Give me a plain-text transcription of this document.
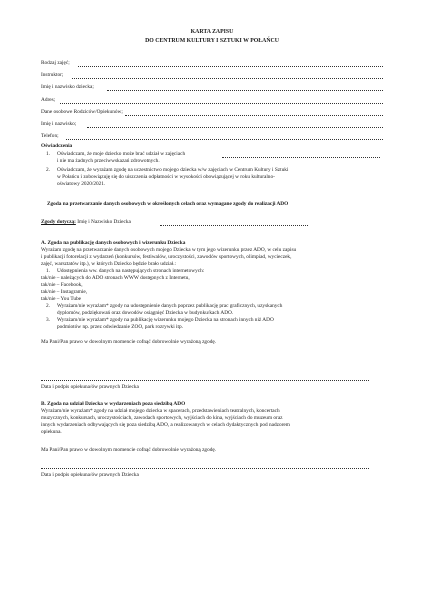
KARTA ZAPISU
DO CENTRUM KULTURY I SZTUKI W POŁAŃCU
Rodzaj zajęć;
Instruktor;
Imię i nazwisko dziecka;
Adres;
Dane osobowe Rodziców/Opiekunów;
Imię i nazwisko;
Telefon;
Oświadczenia
1. Oświadczam, że moje dziecko może brać udział w zajęciach
i nie ma żadnych przeciwwskazań zdrowotnych.
2. Oświadczam, że wyrażam zgodę na uczestnictwo mojego dziecka w/w zajęciach w Centrum Kultury i Sztuki
w Połańcu i zobowiązuję się do uiszczenia odpłatności w wysokości obowiązującej w roku kulturalno-
oświatowy 2020/2021.
Zgoda na przetwarzanie danych osobowych w określonych celach oraz wymagane zgody do realizacji ADO
Zgody dotyczą: Imię i Nazwisko Dziecka
A. Zgoda na publikację danych osobowych i wizerunku Dziecka
Wyrażam zgodę na przetwarzanie danych osobowych mojego Dziecka w tym jego wizerunku przez ADO, w celu zapisu
i publikacji fotorelacji z wydarzeń (konkursów, festiwalów, uroczystości, zawodów sportowych, olimpiad, wycieczek,
zajęć, warsztatów itp.), w których Dziecko będzie brało udział.:
1. Udostępnienia ww. danych na następujących stronach internetowych:
tak/nie – należących do ADO stronach WWW dostępnych z Internetu,
tak/nie – Facebook,
tak/nie – Instagramie,
tak/nie – You Tube
2. Wyrażam/nie wyrażam* zgody na udostępnienie danych poprzez publikację prac graficznych, uzyskanych
dyplomów, podziękowań oraz dowodów osiągnięć Dziecka w budynku/kach ADO.
3. Wyrażam/nie wyrażam* zgody na publikację wizerunku mojego Dziecka na stronach innych niż ADO
podmiotów np. przez odwiedzanie ZOO, park rozrywki itp.
Ma Pani/Pan prawo w dowolnym momencie cofnąć dobrowolnie wyrażoną zgodę.
Data i podpis opiekuna/ów prawnych Dziecka
B. Zgoda na udział Dziecka w wydarzeniach poza siedzibą ADO
Wyrażam/nie wyrażam* zgody na udział mojego dziecka w spacerach, przedstawieniach teatralnych, koncertach
muzycznych, konkursach, uroczystościach, zawodach sportowych, wyjściach do kina, wyjściach do muzeum oraz
innych wydarzeniach odbywających się poza siedzibą ADO, a realizowanych w celach dydaktycznych pod nadzorem
opiekuna.
Ma Pani/Pan prawo w dowolnym momencie cofnąć dobrowolnie wyrażoną zgodę.
Data i podpis opiekuna/ów prawnych Dziecka
